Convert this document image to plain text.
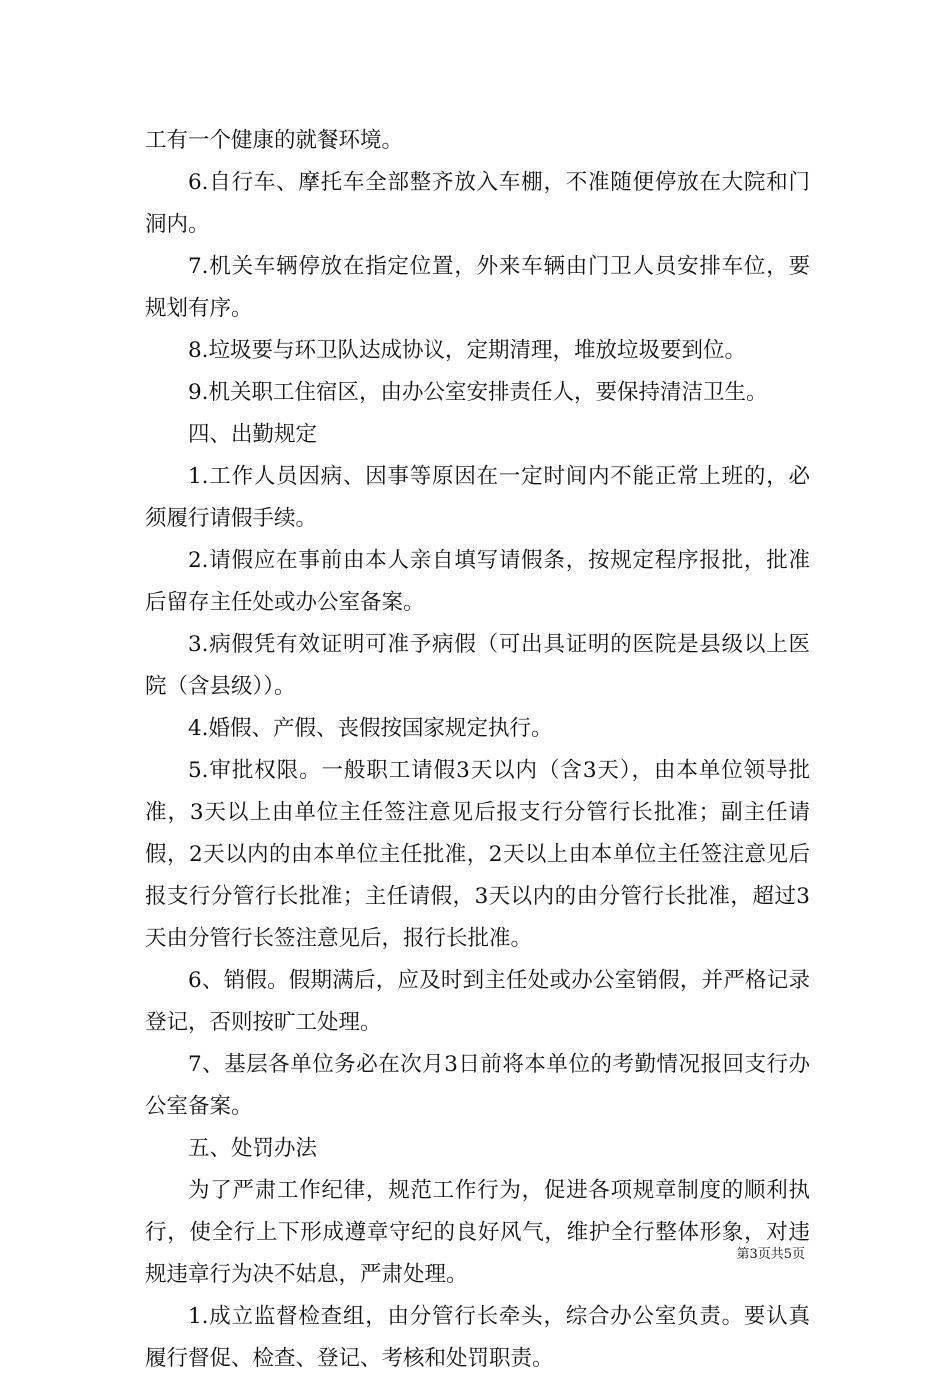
工有一个健康的就餐环境。

6.自行车、摩托车全部整齐放入车棚，不准随便停放在大院和门洞内。

7.机关车辆停放在指定位置，外来车辆由门卫人员安排车位，要规划有序。

8.垃圾要与环卫队达成协议，定期清理，堆放垃圾要到位。

9.机关职工住宿区，由办公室安排责任人，要保持清洁卫生。

四、出勤规定

1.工作人员因病、因事等原因在一定时间内不能正常上班的，必须履行请假手续。

2.请假应在事前由本人亲自填写请假条，按规定程序报批，批准后留存主任处或办公室备案。

3.病假凭有效证明可准予病假（可出具证明的医院是县级以上医院（含县级））。

4.婚假、产假、丧假按国家规定执行。

5.审批权限。一般职工请假3天以内（含3天），由本单位领导批准，3天以上由单位主任签注意见后报支行分管行长批准；副主任请假，2天以内的由本单位主任批准，2天以上由本单位主任签注意见后报支行分管行长批准；主任请假，3天以内的由分管行长批准，超过3天由分管行长签注意见后，报行长批准。

6、销假。假期满后，应及时到主任处或办公室销假，并严格记录登记，否则按旷工处理。

7、基层各单位务必在次月3日前将本单位的考勤情况报回支行办公室备案。

五、处罚办法

为了严肃工作纪律，规范工作行为，促进各项规章制度的顺利执行，使全行上下形成遵章守纪的良好风气，维护全行整体形象，对违规违章行为决不姑息，严肃处理。

1.成立监督检查组，由分管行长牵头，综合办公室负责。要认真履行督促、检查、登记、考核和处罚职责。

第3页共5页
